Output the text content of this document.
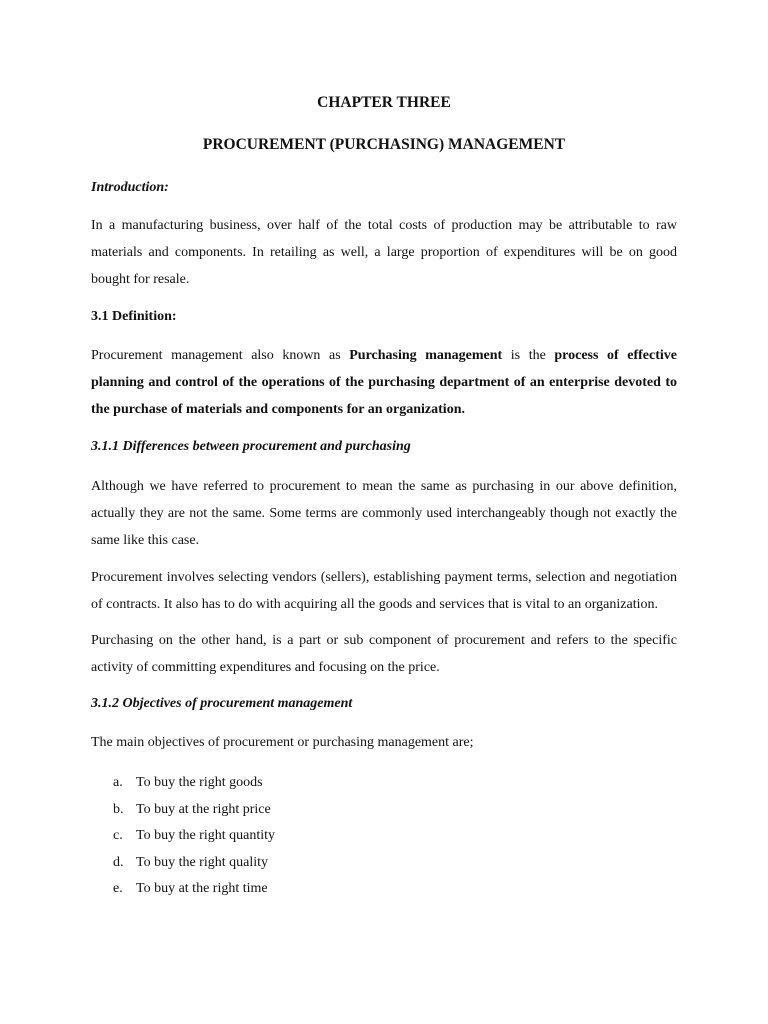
CHAPTER THREE
PROCUREMENT (PURCHASING) MANAGEMENT

Introduction:

In a manufacturing business, over half of the total costs of production may be attributable to raw materials and components. In retailing as well, a large proportion of expenditures will be on good bought for resale.

3.1 Definition:

Procurement management also known as Purchasing management is the process of effective planning and control of the operations of the purchasing department of an enterprise devoted to the purchase of materials and components for an organization.

3.1.1 Differences between procurement and purchasing

Although we have referred to procurement to mean the same as purchasing in our above definition, actually they are not the same. Some terms are commonly used interchangeably though not exactly the same like this case.

Procurement involves selecting vendors (sellers), establishing payment terms, selection and negotiation of contracts. It also has to do with acquiring all the goods and services that is vital to an organization.

Purchasing on the other hand, is a part or sub component of procurement and refers to the specific activity of committing expenditures and focusing on the price.

3.1.2 Objectives of procurement management

The main objectives of procurement or purchasing management are;

a. To buy the right goods
b. To buy at the right price
c. To buy the right quantity
d. To buy the right quality
e. To buy at the right time
